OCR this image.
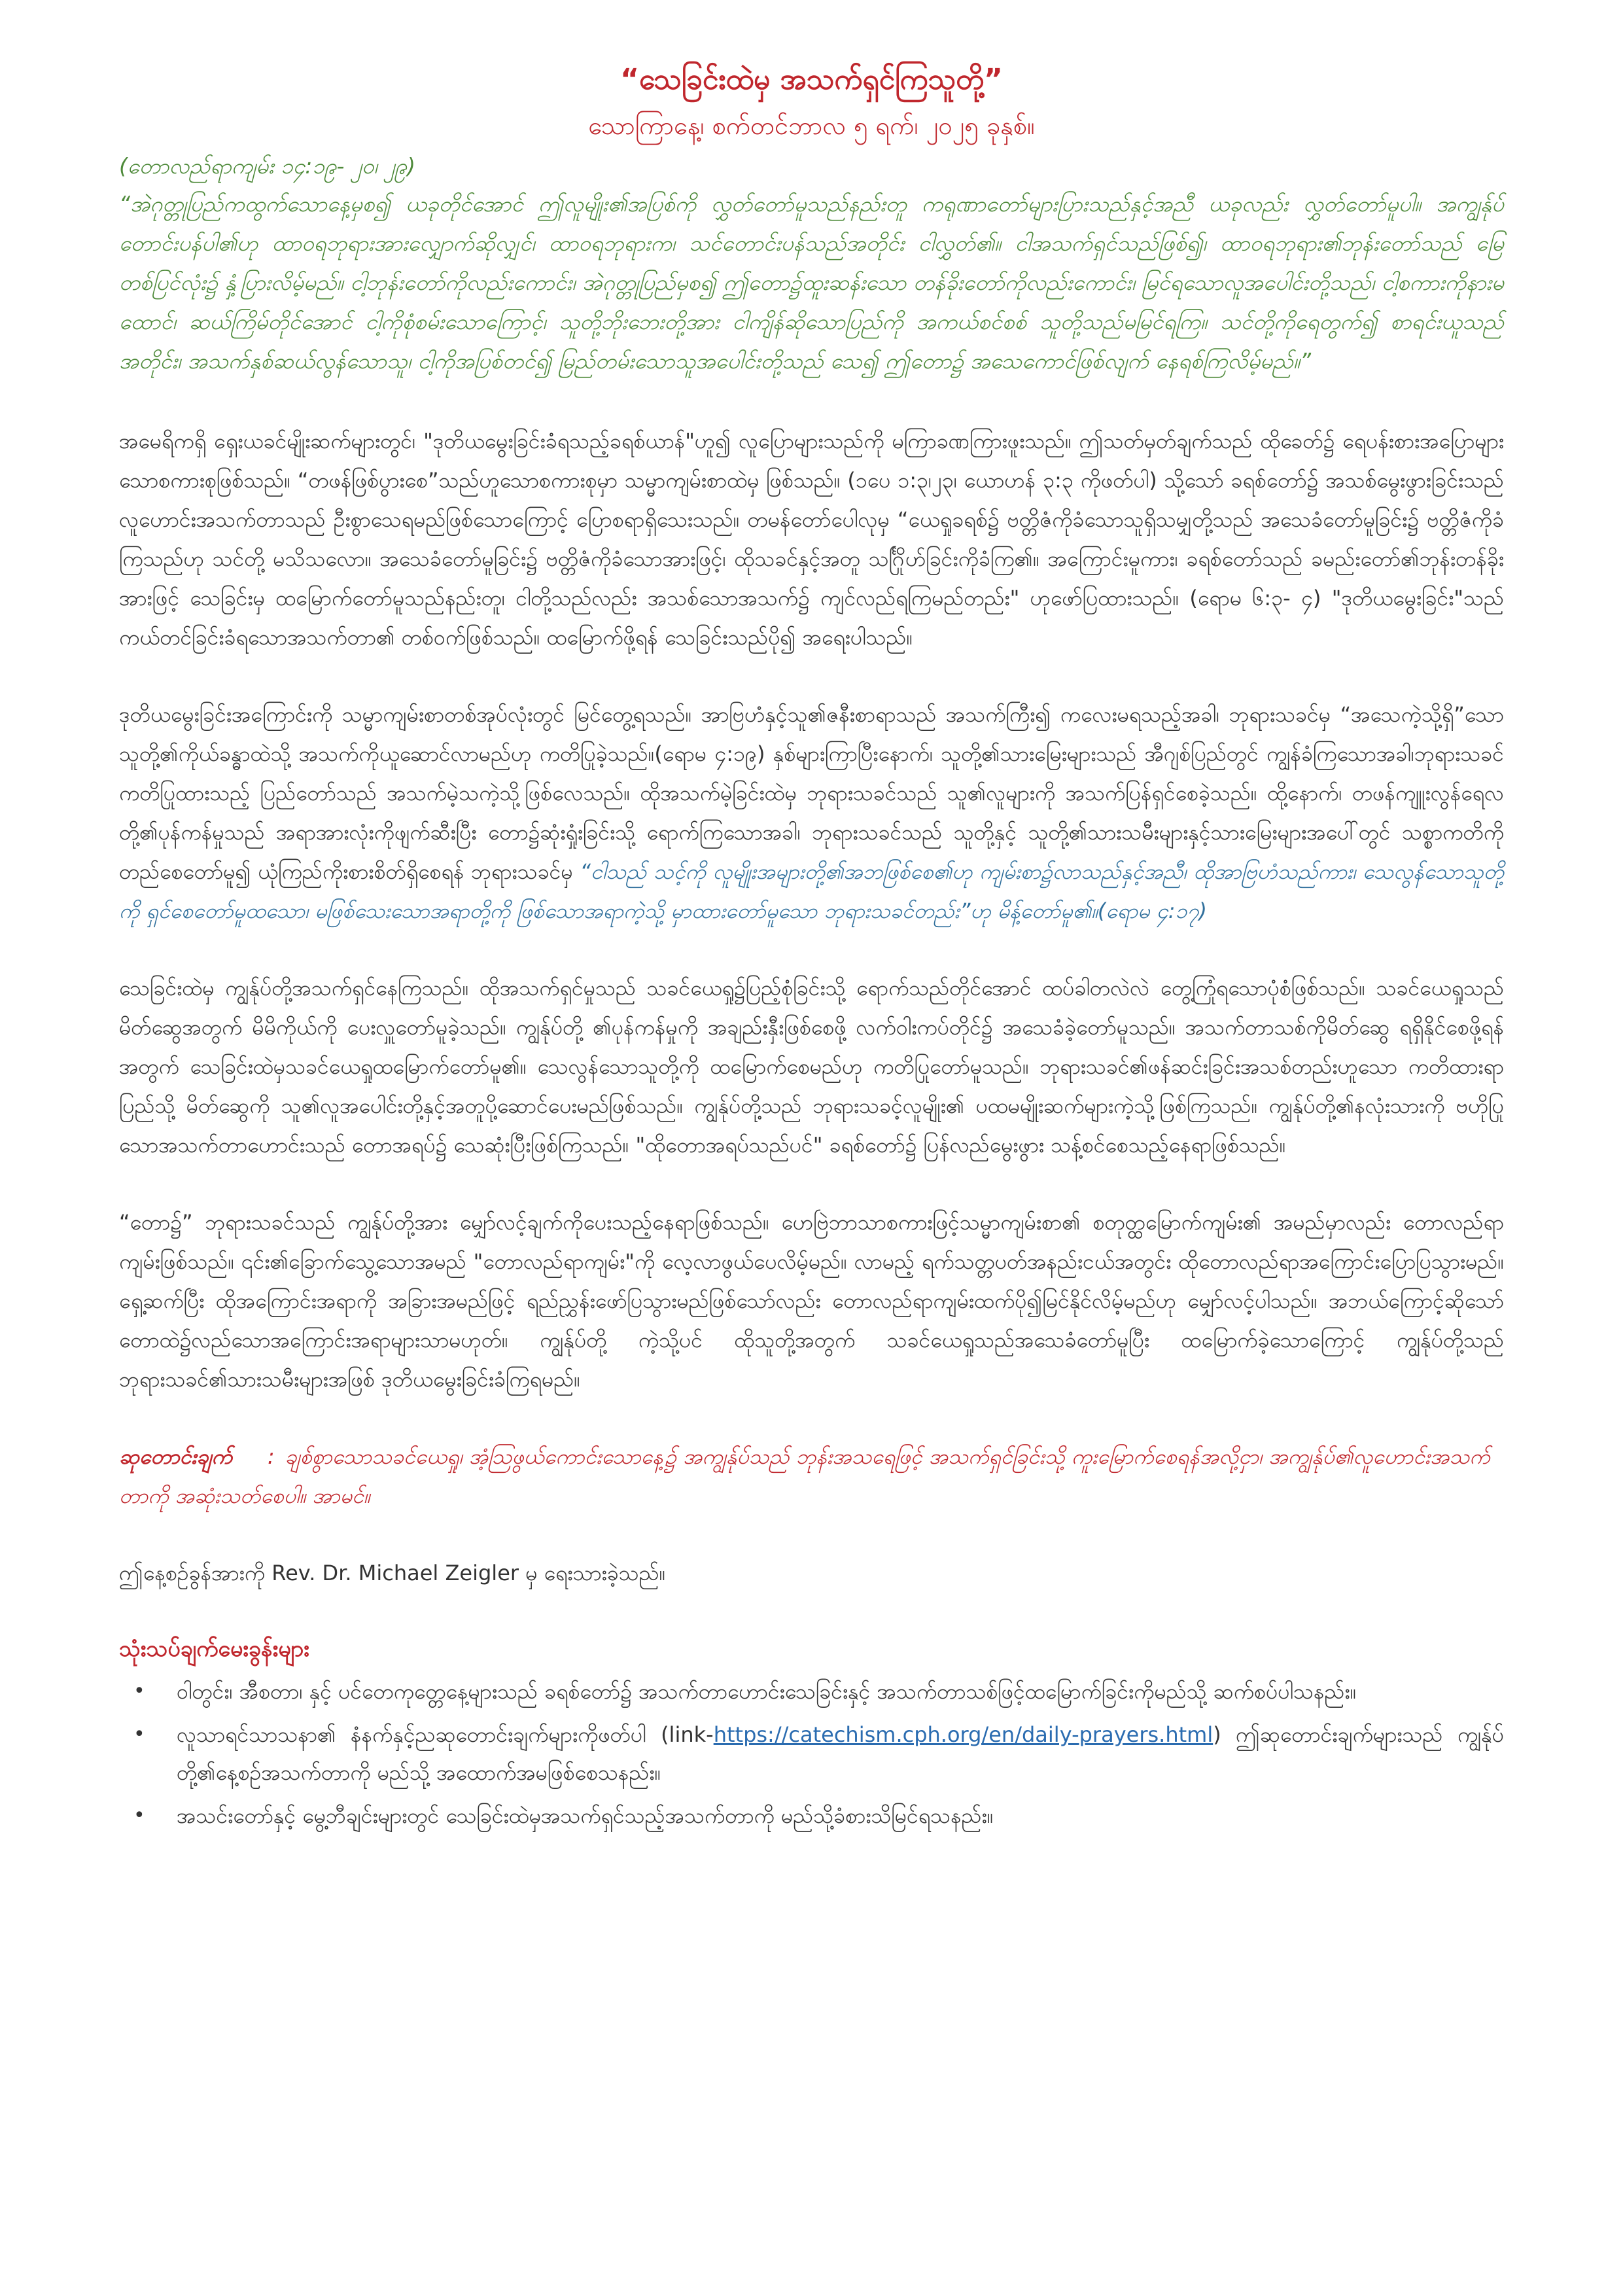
“သေခြင်းထဲမှ အသက်ရှင်ကြသူတို့”

သောကြာနေ့၊ စက်တင်ဘာလ ၅ ရက်၊ ၂၀၂၅ ခုနှစ်။

(တောလည်ရာကျမ်း ၁၄:၁၉- ၂၀၊ ၂၉)

“အဲဂုတ္တုပြည်ကထွက်သောနေ့မှစ၍ ယခုတိုင်အောင် ဤလူမျိုး၏အပြစ်ကို လွှတ်တော်မူသည်နည်းတူ ကရုဏာတော်များပြားသည်နှင့်အညီ ယခုလည်း လွှတ်တော်မူပါ။ အကျွန်ုပ်တောင်းပန်ပါ၏ဟု ထာဝရဘုရားအားလျှောက်ဆိုလျှင်၊ ထာဝရဘုရားက၊ သင်တောင်းပန်သည်အတိုင်း ငါလွှတ်၏။ ငါအသက်ရှင်သည်ဖြစ်၍၊ ထာဝရဘုရား၏ဘုန်းတော်သည် မြေတစ်ပြင်လုံး၌ နှံ့ပြားလိမ့်မည်။ ငါ့ဘုန်းတော်ကိုလည်းကောင်း၊ အဲဂုတ္တုပြည်မှစ၍ ဤတော၌ထူးဆန်းသော တန်ခိုးတော်ကိုလည်းကောင်း၊ မြင်ရသောလူအပေါင်းတို့သည်၊ ငါ့စကားကိုနားမထောင်၊ ဆယ်ကြိမ်တိုင်အောင် ငါ့ကိုစုံစမ်းသောကြောင့်၊ သူတို့ဘိုးဘေးတို့အား ငါကျိန်ဆိုသောပြည်ကို အကယ်စင်စစ် သူတို့သည်မမြင်ရကြ။ သင်တို့ကိုရေတွက်၍ စာရင်းယူသည်အတိုင်း၊ အသက်နှစ်ဆယ်လွန်သောသူ၊ ငါ့ကိုအပြစ်တင်၍ မြည်တမ်းသောသူအပေါင်းတို့သည် သေ၍ ဤတော၌ အသေကောင်ဖြစ်လျက် နေရစ်ကြလိမ့်မည်။”

အမေရိကရှိ ရှေးယခင်မျိုးဆက်များတွင်၊ "ဒုတိယမွေးခြင်းခံရသည့်ခရစ်ယာန်"ဟူ၍ လူပြောများသည်ကို မကြာခဏကြားဖူးသည်။ ဤသတ်မှတ်ချက်သည် ထိုခေတ်၌ ရေပန်းစားအပြောများသောစကားစုဖြစ်သည်။ “တဖန်ဖြစ်ပွားစေ”သည်ဟူသောစကားစုမှာ သမ္မာကျမ်းစာထဲမှ ဖြစ်သည်။ (၁ပေ ၁:၃၊၂၃၊ ယောဟန် ၃:၃ ကိုဖတ်ပါ) သို့သော် ခရစ်တော်၌ အသစ်မွေးဖွားခြင်းသည် လူဟောင်းအသက်တာသည် ဦးစွာသေရမည်ဖြစ်သောကြောင့် ပြောစရာရှိသေးသည်။ တမန်တော်ပေါလုမှ “ယေရှုခရစ်၌ ဗတ္တိဇံကိုခံသောသူရှိသမျှတို့သည် အသေခံတော်မူခြင်း၌ ဗတ္တိဇံကိုခံကြသည်ဟု သင်တို့ မသိသလော။ အသေခံတော်မူခြင်း၌ ဗတ္တိဇံကိုခံသောအားဖြင့်၊ ထိုသခင်နှင့်အတူ သင်္ဂြိုဟ်ခြင်းကိုခံကြ၏။ အကြောင်းမူကား၊ ခရစ်တော်သည် ခမည်းတော်၏ဘုန်းတန်ခိုးအားဖြင့် သေခြင်းမှ ထမြောက်တော်မူသည်နည်းတူ၊ ငါတို့သည်လည်း အသစ်သောအသက်၌ ကျင်လည်ရကြမည်တည်း" ဟုဖော်ပြထားသည်။ (ရောမ ၆:၃- ၄) "ဒုတိယမွေးခြင်း"သည် ကယ်တင်ခြင်းခံရသောအသက်တာ၏ တစ်ဝက်ဖြစ်သည်။ ထမြောက်ဖို့ရန် သေခြင်းသည်ပို၍ အရေးပါသည်။

ဒုတိယမွေးခြင်းအကြောင်းကို သမ္မာကျမ်းစာတစ်အုပ်လုံးတွင် မြင်တွေ့ရသည်။ အာဗြဟံနှင့်သူ၏ဇနီးစာရာသည် အသက်ကြီး၍ ကလေးမရသည့်အခါ၊ ဘုရားသခင်မှ “အသေကဲ့သို့ရှိ”သောသူတို့၏ကိုယ်ခန္ဓာထဲသို့ အသက်ကိုယူဆောင်လာမည်ဟု ကတိပြုခဲ့သည်။(ရောမ ၄:၁၉) နှစ်များကြာပြီးနောက်၊ သူတို့၏သားမြေးများသည် အီဂျစ်ပြည်တွင် ကျွန်ခံကြသောအခါ၊ဘုရားသခင် ကတိပြုထားသည့် ပြည်တော်သည် အသက်မဲ့သကဲ့သို့ဖြစ်လေသည်။ ထိုအသက်မဲ့ခြင်းထဲမှ ဘုရားသခင်သည် သူ၏လူများကို အသက်ပြန်ရှင်စေခဲ့သည်။ ထို့နောက်၊ တဖန်ကျူးလွန်ရေလတို့၏ပုန်ကန်မှုသည် အရာအားလုံးကိုဖျက်ဆီးပြီး တော၌ဆုံးရှုံးခြင်းသို့ ရောက်ကြသောအခါ၊ ဘုရားသခင်သည် သူတို့နှင့် သူတို့၏သားသမီးများနှင့်သားမြေးများအပေါ်တွင် သစ္စာကတိကိုတည်စေတော်မူ၍ ယုံကြည်ကိုးစားစိတ်ရှိစေရန် ဘုရားသခင်မှ “ငါသည် သင့်ကို လူမျိုးအများတို့၏အဘဖြစ်စေ၏ဟု ကျမ်းစာ၌လာသည်နှင့်အညီ၊ ထိုအာဗြဟံသည်ကား၊ သေလွန်သောသူတို့ကို ရှင်စေတော်မူထသော၊ မဖြစ်သေးသောအရာတို့ကို ဖြစ်သောအရာကဲ့သို့ မှာထားတော်မူသော ဘုရားသခင်တည်း”ဟု မိန့်တော်မူ၏။(ရောမ ၄:၁၇)

သေခြင်းထဲမှ ကျွန်ုပ်တို့အသက်ရှင်နေကြသည်။ ထိုအသက်ရှင်မှုသည် သခင်ယေရှု၌ပြည့်စုံခြင်းသို့ ရောက်သည်တိုင်အောင် ထပ်ခါတလဲလဲ တွေ့ကြုံရသောပုံစံဖြစ်သည်။ သခင်ယေရှုသည် မိတ်ဆွေအတွက် မိမိကိုယ်ကို ပေးလှူတော်မူခဲ့သည်။ ကျွန်ုပ်တို့ ၏ပုန်ကန်မှုကို အချည်းနှီးဖြစ်စေဖို့ လက်ဝါးကပ်တိုင်၌ အသေခံခဲ့တော်မူသည်။ အသက်တာသစ်ကိုမိတ်ဆွေ ရရှိနိုင်စေဖို့ရန်အတွက် သေခြင်းထဲမှသခင်ယေရှုထမြောက်တော်မူ၏။ သေလွန်သောသူတို့ကို ထမြောက်စေမည်ဟု ကတိပြုတော်မူသည်။ ဘုရားသခင်၏ဖန်ဆင်းခြင်းအသစ်တည်းဟူသော ကတိထားရာပြည်သို့ မိတ်ဆွေကို သူ၏လူအပေါင်းတို့နှင့်အတူပို့ဆောင်ပေးမည်ဖြစ်သည်။ ကျွန်ုပ်တို့သည် ဘုရားသခင့်လူမျိုး၏ ပထမမျိုးဆက်များကဲ့သို့ဖြစ်ကြသည်။ ကျွန်ုပ်တို့၏နလုံးသားကို ဗဟိုပြုသောအသက်တာဟောင်းသည် တောအရပ်၌ သေဆုံးပြီးဖြစ်ကြသည်။ "ထိုတောအရပ်သည်ပင်" ခရစ်တော်၌ ပြန်လည်မွေးဖွား သန့်စင်စေသည့်နေရာဖြစ်သည်။

“တော၌” ဘုရားသခင်သည် ကျွန်ုပ်တို့အား မျှော်လင့်ချက်ကိုပေးသည့်နေရာဖြစ်သည်။ ဟေဗြဲဘာသာစကားဖြင့်သမ္မာကျမ်းစာ၏ စတုတ္ထမြောက်ကျမ်း၏ အမည်မှာလည်း တောလည်ရာကျမ်းဖြစ်သည်။ ၎င်း၏ခြောက်သွေ့သောအမည် "တောလည်ရာကျမ်း"ကို လေ့လာဖွယ်ပေလိမ့်မည်။ လာမည့် ရက်သတ္တပတ်အနည်းငယ်အတွင်း ထိုတောလည်ရာအကြောင်းပြောပြသွားမည်။ ရှေ့ဆက်ပြီး ထိုအကြောင်းအရာကို အခြားအမည်ဖြင့် ရည်ညွှန်းဖော်ပြသွားမည်ဖြစ်သော်လည်း တောလည်ရာကျမ်းထက်ပို၍မြင်နိုင်လိမ့်မည်ဟု မျှော်လင့်ပါသည်။ အဘယ်ကြောင့်ဆိုသော် တောထဲ၌လည်သောအကြောင်းအရာများသာမဟုတ်။ ကျွန်ုပ်တို့ ကဲ့သို့ပင် ထိုသူတို့အတွက် သခင်ယေရှုသည်အသေခံတော်မူပြီး ထမြောက်ခဲ့သောကြောင့် ကျွန်ုပ်တို့သည်ဘုရားသခင်၏သားသမီးများအဖြစ် ဒုတိယမွေးခြင်းခံကြရမည်။

ဆုတောင်းချက် : ချစ်စွာသောသခင်ယေရှု၊ အံ့ဩဖွယ်ကောင်းသောနေ့၌ အကျွန်ုပ်သည် ဘုန်းအသရေဖြင့် အသက်ရှင်ခြင်းသို့ ကူးမြောက်စေရန်အလို့ငှာ၊ အကျွန်ုပ်၏လူဟောင်းအသက်တာကို အဆုံးသတ်စေပါ။ အာမင်။

ဤနေ့စဉ်ခွန်အားကို Rev. Dr. Michael Zeigler မှ ရေးသားခဲ့သည်။

သုံးသပ်ချက်မေးခွန်းများ
• ဝါတွင်း၊ အီစတာ၊ နှင့် ပင်တေကုတ္တေနေ့များသည် ခရစ်တော်၌ အသက်တာဟောင်းသေခြင်းနှင့် အသက်တာသစ်ဖြင့်ထမြောက်ခြင်းကိုမည်သို့ ဆက်စပ်ပါသနည်း။
• လူသာရင်သာသနာ၏ နံနက်နှင့်ညဆုတောင်းချက်များကိုဖတ်ပါ (link-https://catechism.cph.org/en/daily-prayers.html) ဤဆုတောင်းချက်များသည် ကျွန်ုပ်တို့၏နေ့စဉ်အသက်တာကို မည်သို့ အထောက်အမဖြစ်စေသနည်း။
• အသင်းတော်နှင့် မွေ့ဘီချင်းများတွင် သေခြင်းထဲမှအသက်ရှင်သည့်အသက်တာကို မည်သို့ခံစားသိမြင်ရသနည်း။
